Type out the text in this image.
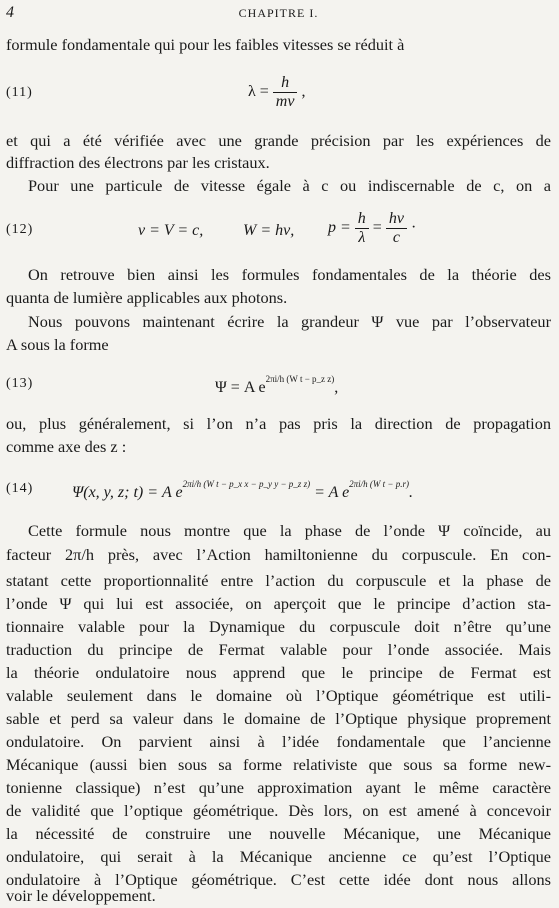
4	CHAPITRE I.
formule fondamentale qui pour les faibles vitesses se réduit à
(11)	$\lambda = \frac{h}{mv}$ ,
et qui a été vérifiée avec une grande précision par les expériences de
diffraction des électrons par les cristaux.
Pour une particule de vitesse égale à c ou indiscernable de c, on a
(12)	v = V = c, W = hν, $p = \frac{h}{\lambda} = \frac{h\nu}{c}$ ·
On retrouve bien ainsi les formules fondamentales de la théorie des
quanta de lumière applicables aux photons.
Nous pouvons maintenant écrire la grandeur Ψ vue par l’observateur
A sous la forme
(13)	Ψ = A $e^{2\pi i/h (W t - p\_z z)}$,
ou, plus généralement, si l’on n’a pas pris la direction de propagation
comme axe des z :
(14) Ψ(x, y, z; t) = A $e^{2\pi i/h (W t - p\_x x - p\_y y - p\_z z)} = A$ $e^{2\pi i/h (W t - p.r)}$.
Cette formule nous montre que la phase de l’onde Ψ coïncide, au
facteur 2π/h près, avec l’Action hamiltonienne du corpuscule. En con-
statant cette proportionnalité entre l’action du corpuscule et la phase de
l’onde Ψ qui lui est associée, on aperçoit que le principe d’action sta-
tionnaire valable pour la Dynamique du corpuscule doit n’être qu’une
traduction du principe de Fermat valable pour l’onde associée. Mais
la théorie ondulatoire nous apprend que le principe de Fermat est
valable seulement dans le domaine où l’Optique géométrique est utili-
sable et perd sa valeur dans le domaine de l’Optique physique proprement
ondulatoire. On parvient ainsi à l’idée fondamentale que l’ancienne
Mécanique (aussi bien sous sa forme relativiste que sous sa forme new-
tonienne classique) n’est qu’une approximation ayant le même caractère
de validité que l’optique géométrique. Dès lors, on est amené à concevoir
la nécessité de construire une nouvelle Mécanique, une Mécanique
ondulatoire, qui serait à la Mécanique ancienne ce qu’est l’Optique
ondulatoire à l’Optique géométrique. C’est cette idée dont nous allons
voir le développement.
